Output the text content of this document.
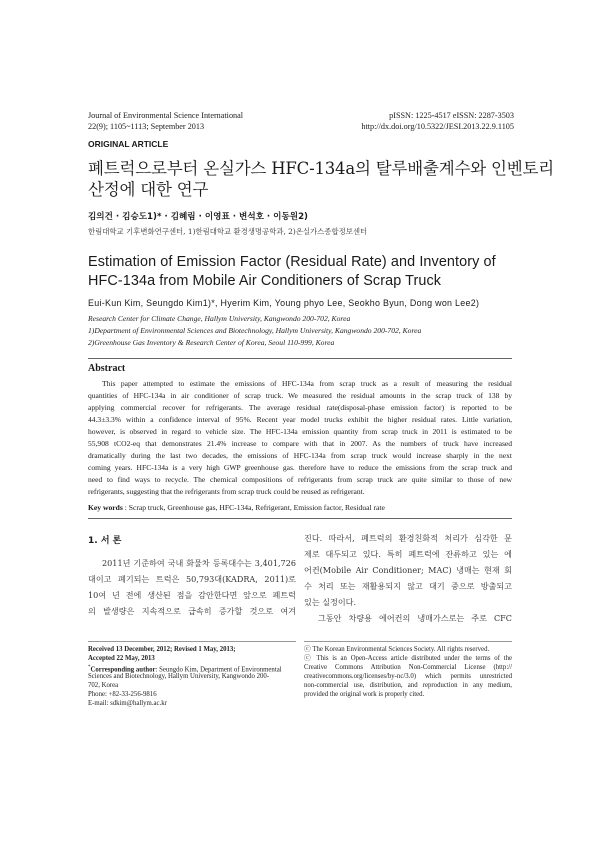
Journal of Environmental Science International
22(9); 1105~1113; September 2013
pISSN: 1225-4517 eISSN: 2287-3503
http://dx.doi.org/10.5322/JESI.2013.22.9.1105
ORIGINAL ARTICLE
폐트럭으로부터 온실가스 HFC-134a의 탈루배출계수와 인벤토리
산정에 대한 연구
김의건 · 김승도1)* · 김혜림 · 이영표 · 변석호 · 이동원2)
한림대학교 기후변화연구센터, 1)한림대학교 환경생명공학과, 2)온실가스종합정보센터
Estimation of Emission Factor (Residual Rate) and Inventory of
HFC-134a from Mobile Air Conditioners of Scrap Truck
Eui-Kun Kim, Seungdo Kim1)*, Hyerim Kim, Young phyo Lee, Seokho Byun, Dong won Lee2)
Research Center for Climate Change, Hallym University, Kangwondo 200-702, Korea
1)Department of Environmental Sciences and Biotechnology, Hallym University, Kangwondo 200-702, Korea
2)Greenhouse Gas Inventory & Research Center of Korea, Seoul 110-999, Korea
Abstract
This paper attempted to estimate the emissions of HFC-134a from scrap truck as a result of measuring the residual
quantities of HFC-134a in air conditioner of scrap truck. We measured the residual amounts in the scrap truck of 138 by
applying commercial recover for refrigerants. The average residual rate(disposal-phase emission factor) is reported to be
44.3±3.3% within a confidence interval of 95%. Recent year model trucks exhibit the higher residual rates. Little variation,
however, is observed in regard to vehicle size. The HFC-134a emission quantity from scrap truck in 2011 is estimated to be
55,908 tCO2-eq that demonstrates 21.4% increase to compare with that in 2007. As the numbers of truck have increased
dramatically during the last two decades, the emissions of HFC-134a from scrap truck would increase sharply in the next
coming years. HFC-134a is a very high GWP greenhouse gas. therefore have to reduce the emissions from the scrap truck and
need to find ways to recycle. The chemical compositions of refrigerants from scrap truck are quite similar to those of new
refrigerants, suggesting that the refrigerants from scrap truck could be reused as refrigerant.
Key words : Scrap truck, Greenhouse gas, HFC-134a, Refrigerant, Emission factor, Residual rate
1. 서 론
2011년 기준하여 국내 화물차 등록대수는 3,401,726
대이고 폐기되는 트럭은 50,793대(KADRA, 2011)로
10여 년 전에 생산된 점을 감안한다면 앞으로 폐트럭
의 발생량은 지속적으로 급속히 증가할 것으로 여겨
진다. 따라서, 폐트럭의 환경친화적 처리가 심각한 문
제로 대두되고 있다. 특히 폐트럭에 잔류하고 있는 에
어컨(Mobile Air Conditioner; MAC) 냉매는 현재 회
수 처리 또는 재활용되지 않고 대기 중으로 방출되고
있는 실정이다.
그동안 차량용 에어컨의 냉매가스로는 주로 CFC
Received 13 December, 2012; Revised 1 May, 2013;
Accepted 22 May, 2013
*Corresponding author: Seungdo Kim, Department of Environmental
Sciences and Biotechnology, Hallym University, Kangwondo 200-
702, Korea
Phone: +82-33-256-9816
E-mail: sdkim@hallym.ac.kr
ⓒ The Korean Environmental Sciences Society. All rights reserved.
ⓒ This is an Open-Access article distributed under the terms of the
Creative Commons Attribution Non-Commercial License (http://
creativecommons.org/licenses/by-nc/3.0) which permits unrestricted
non-commercial use, distribution, and reproduction in any medium,
provided the original work is properly cited.
